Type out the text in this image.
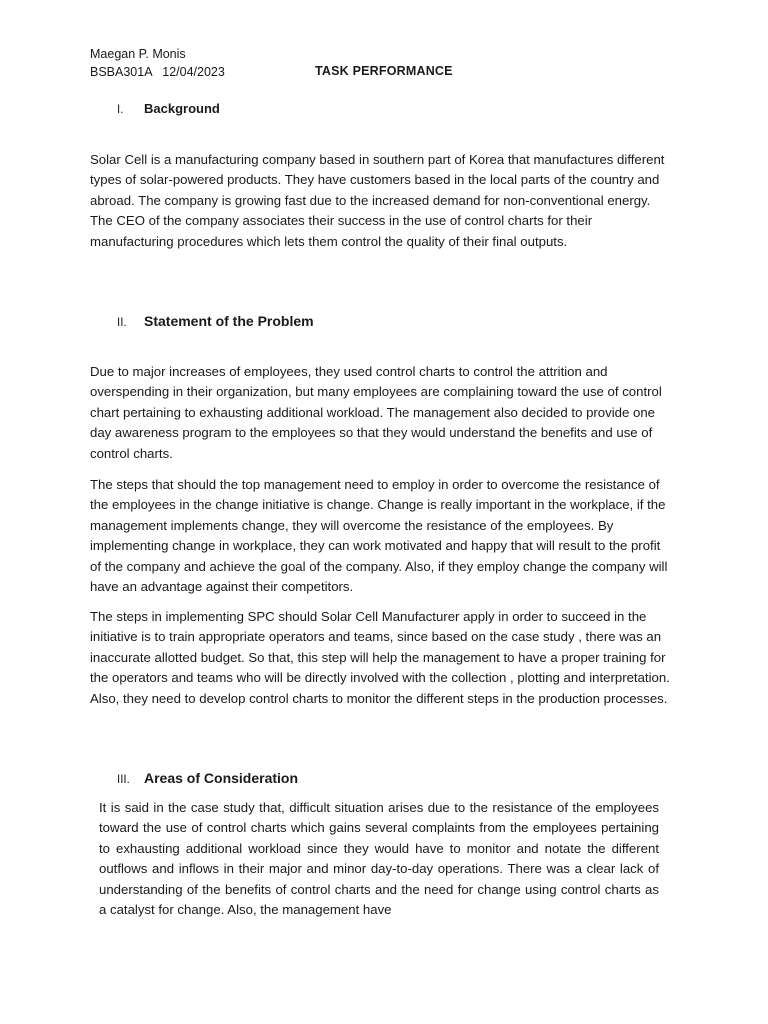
Maegan P. Monis
BSBA301A   12/04/2023	TASK PERFORMANCE
I.	Background

Solar Cell is a manufacturing company based in southern part of Korea that manufactures different types of solar-powered products. They have customers based in the local parts of the country and abroad. The company is growing fast due to the increased demand for non-conventional energy. The CEO of the company associates their success in the use of control charts for their manufacturing procedures which lets them control the quality of their final outputs.

II.	Statement of the Problem

Due to major increases of employees, they used control charts to control the attrition and overspending in their organization, but many employees are complaining toward the use of control chart pertaining to exhausting additional workload. The management also decided to provide one day awareness program to the employees so that they would understand the benefits and use of control charts.

The steps that should the top management need to employ in order to overcome the resistance of the employees in the change initiative is change. Change is really important in the workplace, if the management implements change, they will overcome the resistance of the employees. By implementing change in workplace, they can work motivated and happy that will result to the profit of the company and achieve the goal of the company. Also, if they employ change the company will have an advantage against their competitors.

The steps in implementing SPC should Solar Cell Manufacturer apply in order to succeed in the initiative is to train appropriate operators and teams, since based on the case study , there was an inaccurate allotted budget. So that, this step will help the management to have a proper training for the operators and teams who will be directly involved with the collection , plotting and interpretation. Also, they need to develop control charts to monitor the different steps in the production processes.

III.	Areas of Consideration

It is said in the case study that, difficult situation arises due to the resistance of the employees toward the use of control charts which gains several complaints from the employees pertaining to exhausting additional workload since they would have to monitor and notate the different outflows and inflows in their major and minor day-to-day operations. There was a clear lack of understanding of the benefits of control charts and the need for change using control charts as a catalyst for change. Also, the management have
